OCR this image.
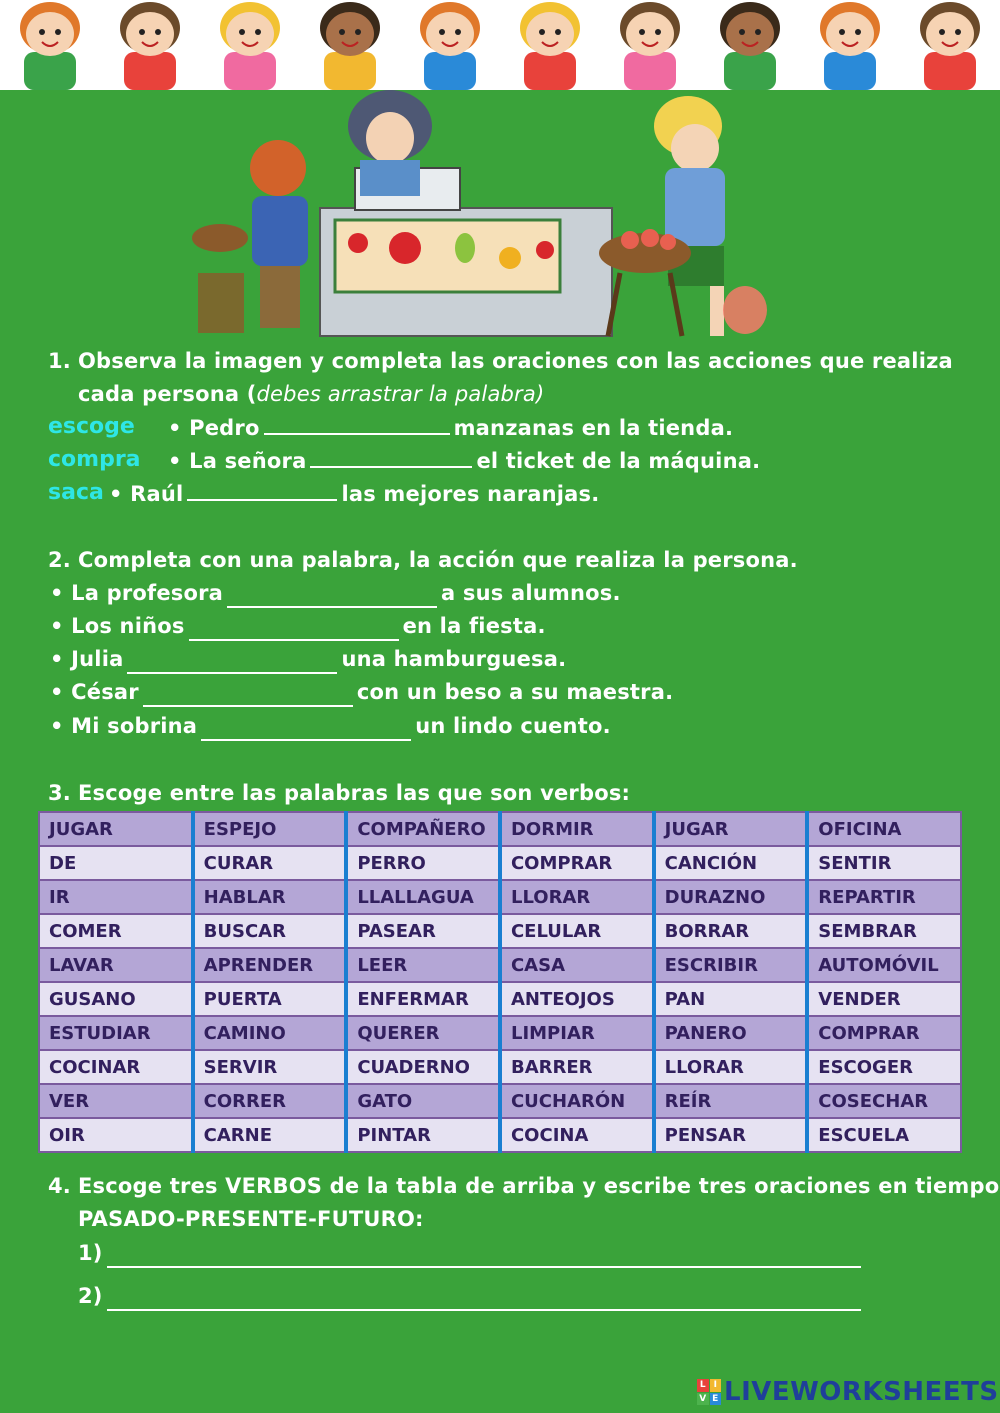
1. Observa la imagen y completa las oraciones con las acciones que realiza
cada persona (debes arrastrar la palabra)
escoge • Pedro	manzanas en la tienda.
compra • La señora	el ticket de la máquina.
saca • Raúl	las mejores naranjas.
2. Completa con una palabra, la acción que realiza la persona.
• La profesora	a sus alumnos.
• Los niños	en la fiesta.
• Julia	una hamburguesa.
• César	con un beso a su maestra.
• Mi sobrina	un lindo cuento.
3. Escoge entre las palabras las que son verbos:
JUGAR	ESPEJO	COMPAÑERO	DORMIR	JUGAR	OFICINA
DE	CURAR	PERRO	COMPRAR	CANCIÓN	SENTIR
IR	HABLAR	LLALLAGUA	LLORAR	DURAZNO	REPARTIR
COMER	BUSCAR	PASEAR	CELULAR	BORRAR	SEMBRAR
LAVAR	APRENDER	LEER	CASA	ESCRIBIR	AUTOMÓVIL
GUSANO	PUERTA	ENFERMAR	ANTEOJOS	PAN	VENDER
ESTUDIAR	CAMINO	QUERER	LIMPIAR	PANERO	COMPRAR
COCINAR	SERVIR	CUADERNO	BARRER	LLORAR	ESCOGER
VER	CORRER	GATO	CUCHARÓN	REÍR	COSECHAR
OIR	CARNE	PINTAR	COCINA	PENSAR	ESCUELA
4. Escoge tres VERBOS de la tabla de arriba y escribe tres oraciones en tiempo
PASADO-PRESENTE-FUTURO:
1)
2)
L I
V E LIVEWORKSHEETS
